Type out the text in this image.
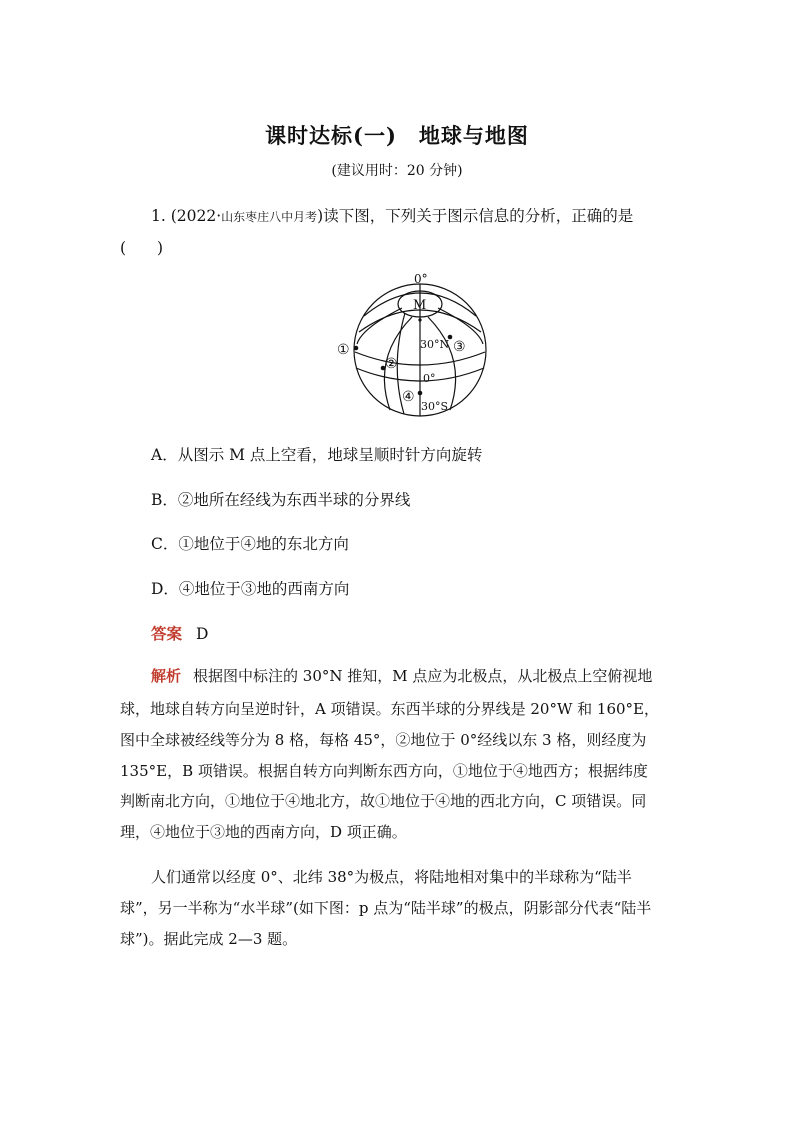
课时达标(一)　地球与地图
(建议用时：20 分钟)
1. (2022·山东枣庄八中月考)读下图，下列关于图示信息的分析，正确的是
(　　)
0°
M
30°N
0°
30°S
①
②
③
④
A．从图示 M 点上空看，地球呈顺时针方向旋转
B．②地所在经线为东西半球的分界线
C．①地位于④地的东北方向
D．④地位于③地的西南方向
答案 D
解析 根据图中标注的 30°N 推知，M 点应为北极点，从北极点上空俯视地
球，地球自转方向呈逆时针，A 项错误。东西半球的分界线是 20°W 和 160°E，
图中全球被经线等分为 8 格，每格 45°，②地位于 0°经线以东 3 格，则经度为
135°E，B 项错误。根据自转方向判断东西方向，①地位于④地西方；根据纬度
判断南北方向，①地位于④地北方，故①地位于④地的西北方向，C 项错误。同
理，④地位于③地的西南方向，D 项正确。
人们通常以经度 0°、北纬 38°为极点，将陆地相对集中的半球称为“陆半
球”，另一半称为“水半球”(如下图：p 点为“陆半球”的极点，阴影部分代表“陆半
球”)。据此完成 2—3 题。
